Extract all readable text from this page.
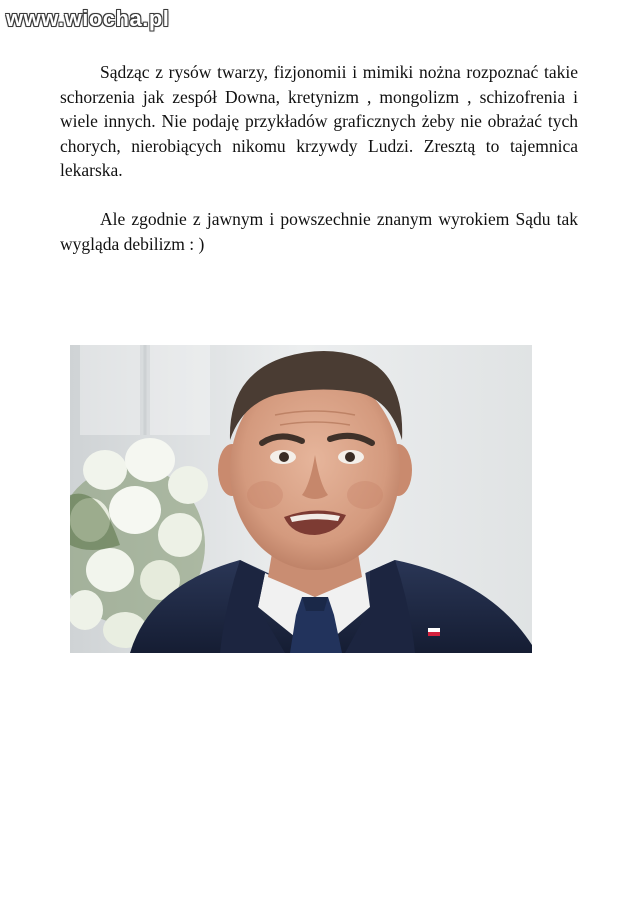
www.wiocha.pl

Sądząc z rysów twarzy, fizjonomii i mimiki nożna rozpoznać takie schorzenia jak zespół Downa, kretynizm , mongolizm , schizofrenia i wiele innych. Nie podaję przykładów graficznych żeby nie obrażać tych chorych, nierobiących nikomu krzywdy Ludzi. Zresztą to tajemnica lekarska.

Ale zgodnie z jawnym i powszechnie znanym wyrokiem Sądu tak wygląda debilizm : )
